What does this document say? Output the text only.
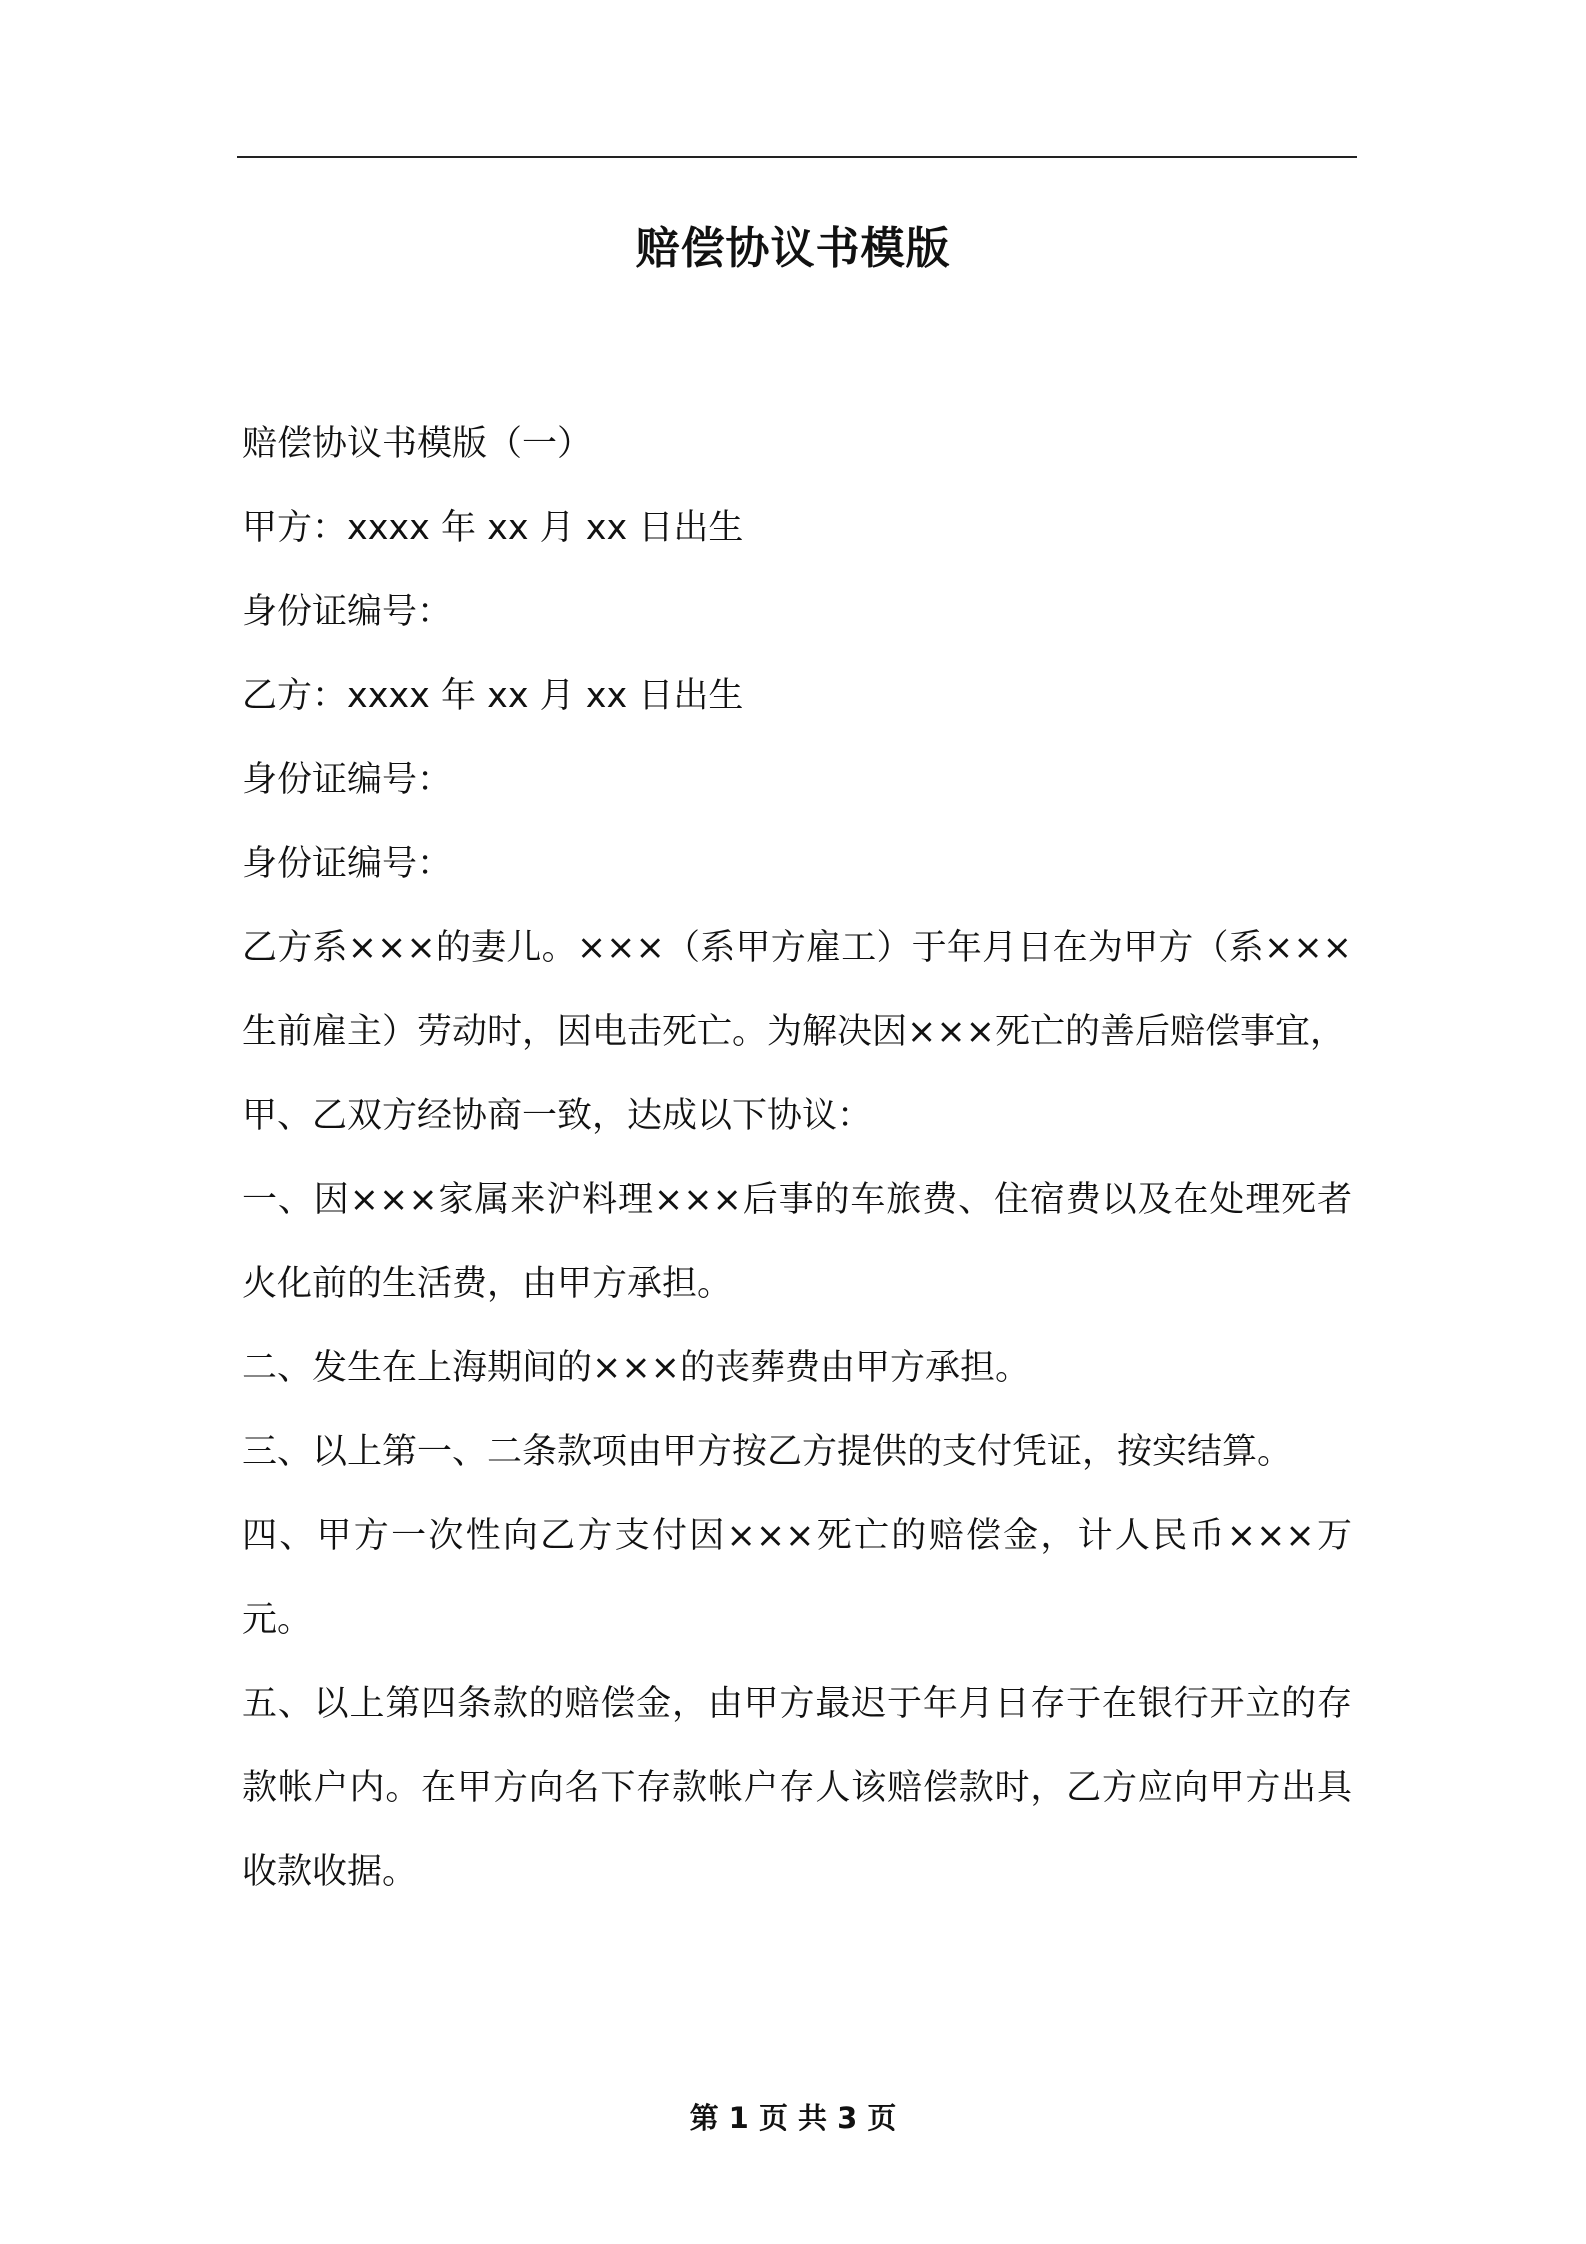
赔偿协议书模版

赔偿协议书模版（一）

甲方：xxxx 年 xx 月 xx 日出生

身份证编号：

乙方：xxxx 年 xx 月 xx 日出生

身份证编号：

身份证编号：

乙方系×××的妻儿。×××（系甲方雇工）于年月日在为甲方（系×××生前雇主）劳动时，因电击死亡。为解决因×××死亡的善后赔偿事宜，

甲、乙双方经协商一致，达成以下协议：

一、因×××家属来沪料理×××后事的车旅费、住宿费以及在处理死者火化前的生活费，由甲方承担。

二、发生在上海期间的×××的丧葬费由甲方承担。

三、以上第一、二条款项由甲方按乙方提供的支付凭证，按实结算。

四、甲方一次性向乙方支付因×××死亡的赔偿金，计人民币×××万元。

五、以上第四条款的赔偿金，由甲方最迟于年月日存于在银行开立的存款帐户内。在甲方向名下存款帐户存人该赔偿款时，乙方应向甲方出具收款收据。

第 1 页 共 3 页
